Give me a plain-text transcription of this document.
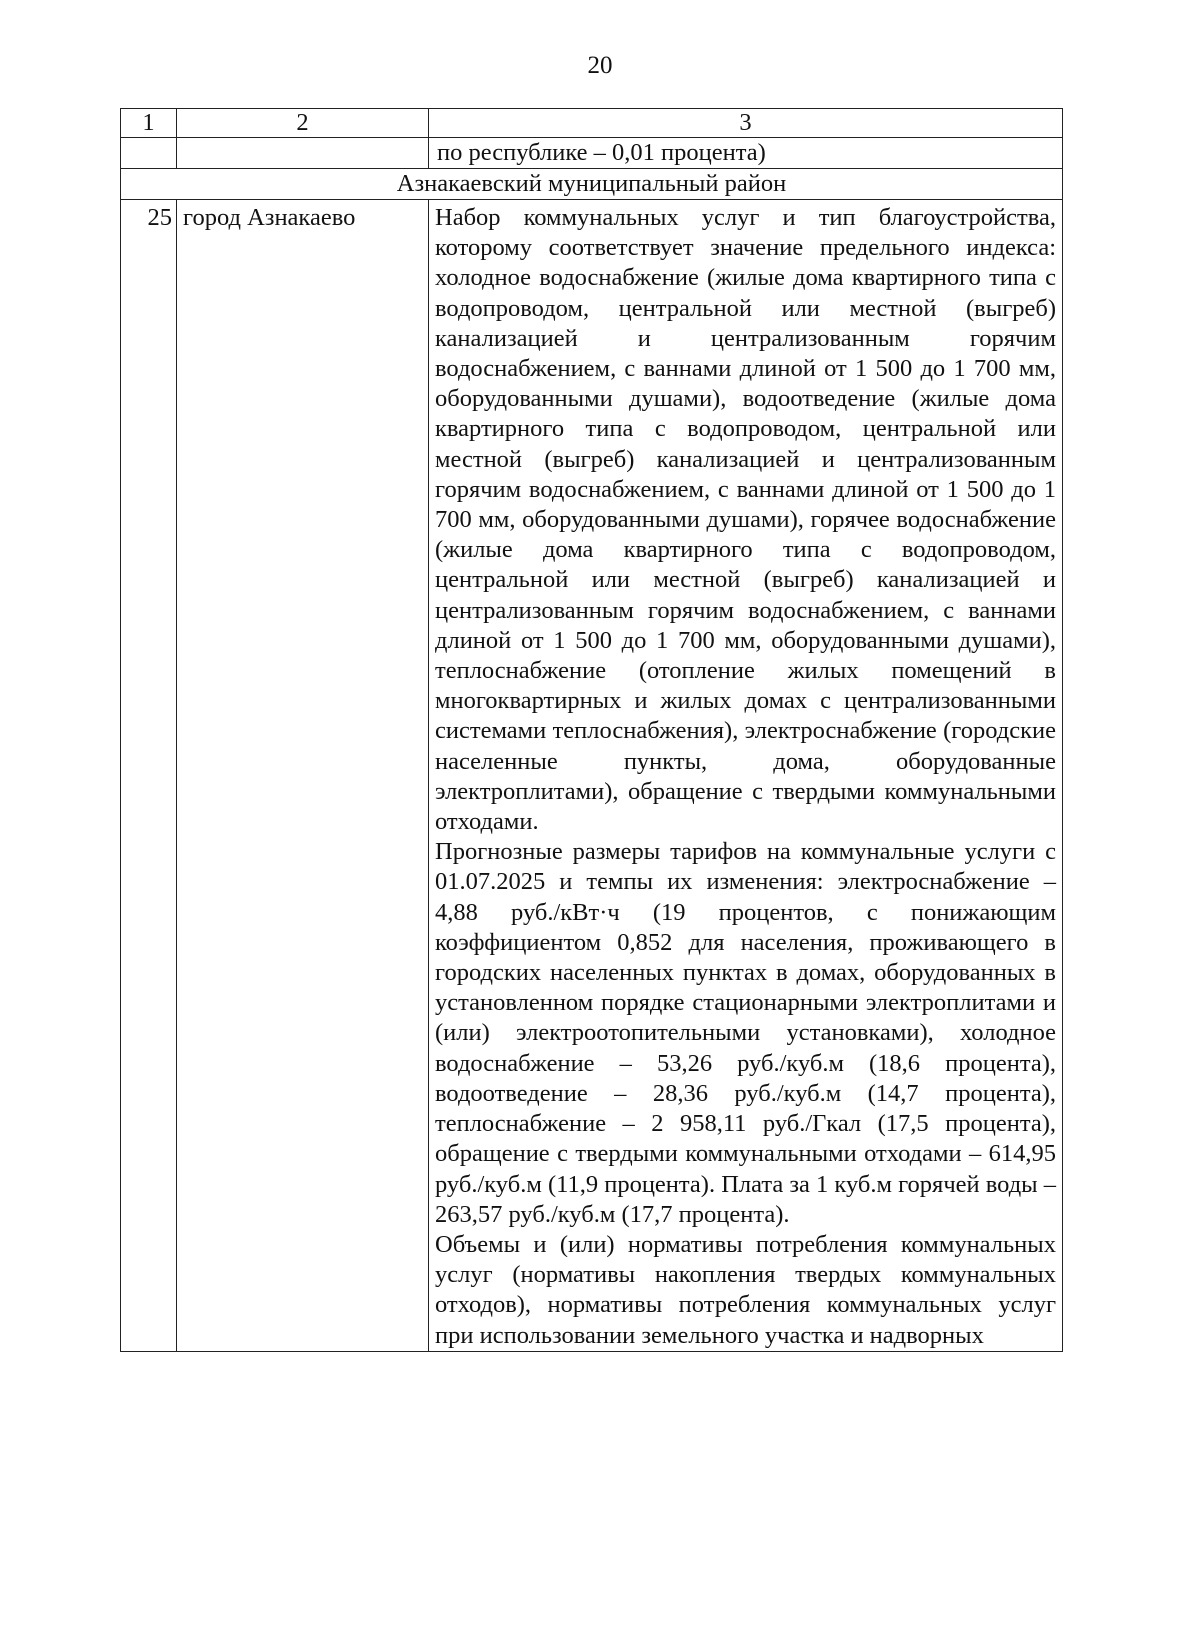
20
1	2	3
		по республике – 0,01 процента)
Азнакаевский муниципальный район		
25	город Азнакаево	Набор коммунальных услуг и тип благоустройства, которому соответствует значение предельного индекса: холодное водоснабжение (жилые дома квартирного типа с водопроводом, центральной или местной (выгреб) канализацией и централизованным горячим водоснабжением, с ваннами длиной от 1 500 до 1 700 мм, оборудованными душами), водоотведение (жилые дома квартирного типа с водопроводом, центральной или местной (выгреб) канализацией и централизованным горячим водоснабжением, с ваннами длиной от 1 500 до 1 700 мм, оборудованными душами), горячее водоснабжение (жилые дома квартирного типа с водопроводом, центральной или местной (выгреб) канализацией и централизованным горячим водоснабжением, с ваннами длиной от 1 500 до 1 700 мм, оборудованными душами), теплоснабжение (отопление жилых помещений в многоквартирных и жилых домах с централизованными системами теплоснабжения), электроснабжение (городские населенные пункты, дома, оборудованные электроплитами), обращение с твердыми коммунальными отходами.

Прогнозные размеры тарифов на коммунальные услуги с 01.07.2025 и темпы их изменения: электроснабжение – 4,88 руб./кВт·ч (19 процентов, с понижающим коэффициентом 0,852 для населения, проживающего в городских населенных пунктах в домах, оборудованных в установленном порядке стационарными электроплитами и (или) электроотопительными установками), холодное водоснабжение – 53,26 руб./куб.м (18,6 процента), водоотведение – 28,36 руб./куб.м (14,7 процента), теплоснабжение – 2 958,11 руб./Гкал (17,5 процента), обращение с твердыми коммунальными отходами – 614,95 руб./куб.м (11,9 процента). Плата за 1 куб.м горячей воды – 263,57 руб./куб.м (17,7 процента).

Объемы и (или) нормативы потребления коммунальных услуг (нормативы накопления твердых коммунальных отходов), нормативы потребления коммунальных услуг при использовании земельного участка и надворных
